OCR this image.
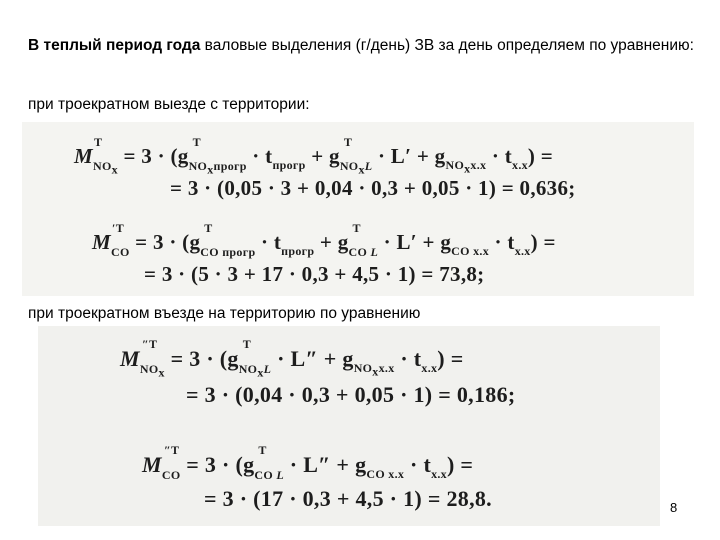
В теплый период года валовые выделения (г/день) ЗВ за день определяем по уравнению:
при троекратном выезде с территории:
M
T
$_{NO_x}$ = 3 · (g
T
$_{NO_xпрогр} \cdot t_{прогр} + g$
T
$_{NO_xL} \cdot L' + g_{NO_xx.x} \cdot t_{x.x}$) =
= 3 · (0,05 · 3 + 0,04 · 0,3 + 0,05 · 1) = 0,636;
M
′T
$_{CO}$ = 3 · (g
T
$_{CO прогр} \cdot t_{прогр} + g$
T
$_{CO L} \cdot L' + g_{CO x.x} \cdot t_{x.x}$) =
= 3 · (5 · 3 + 17 · 0,3 + 4,5 · 1) = 73,8;
при троекратном въезде на территорию по уравнению
M
″T
$_{NO_x}$ = 3 · (g
T
$_{NO_xL} \cdot L'' + g_{NO_xx.x} \cdot t_{x.x}$) =
= 3 · (0,04 · 0,3 + 0,05 · 1) = 0,186;
M
″T
$_{CO}$ = 3 · (g
T
$_{CO L} \cdot L'' + g_{CO x.x} \cdot t_{x.x}$) =
= 3 · (17 · 0,3 + 4,5 · 1) = 28,8.	8
